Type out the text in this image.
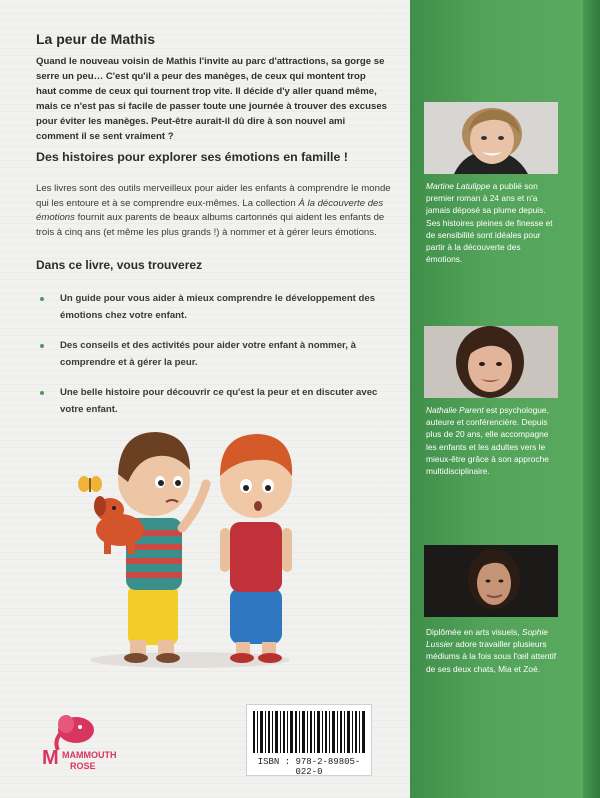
La peur de Mathis

Quand le nouveau voisin de Mathis l'invite au parc d'attractions, sa gorge se serre un peu… C'est qu'il a peur des manèges, de ceux qui montent trop haut comme de ceux qui tournent trop vite. Il décide d'y aller quand même, mais ce n'est pas si facile de passer toute une journée à trouver des excuses pour éviter les manèges. Peut-être aurait-il dû dire à son nouvel ami comment il se sent vraiment ?

Des histoires pour explorer ses émotions en famille !

Les livres sont des outils merveilleux pour aider les enfants à comprendre le monde qui les entoure et à se comprendre eux-mêmes. La collection À la découverte des émotions fournit aux parents de beaux albums cartonnés qui aident les enfants de trois à cinq ans (et même les plus grands !) à nommer et à gérer leurs émotions.

Dans ce livre, vous trouverez
Un guide pour vous aider à mieux comprendre le développement des émotions chez votre enfant.
Des conseils et des activités pour aider votre enfant à nommer, à comprendre et à gérer la peur.
Une belle histoire pour découvrir ce qu'est la peur et en discuter avec votre enfant.

Martine Latulippe a publié son premier roman à 24 ans et n'a jamais déposé sa plume depuis. Ses histoires pleines de finesse et de sensibilité sont idéales pour partir à la découverte des émotions.

Nathalie Parent est psychologue, auteure et conférencière. Depuis plus de 20 ans, elle accompagne les enfants et les adultes vers le mieux-être grâce à son approche multidisciplinaire.

Diplômée en arts visuels, Sophie Lussier adore travailler plusieurs médiums à la fois sous l'œil attentif de ses deux chats, Mia et Zoé.

M MAMMOUTH
ROSE	ISBN : 978-2-89805-022-0
